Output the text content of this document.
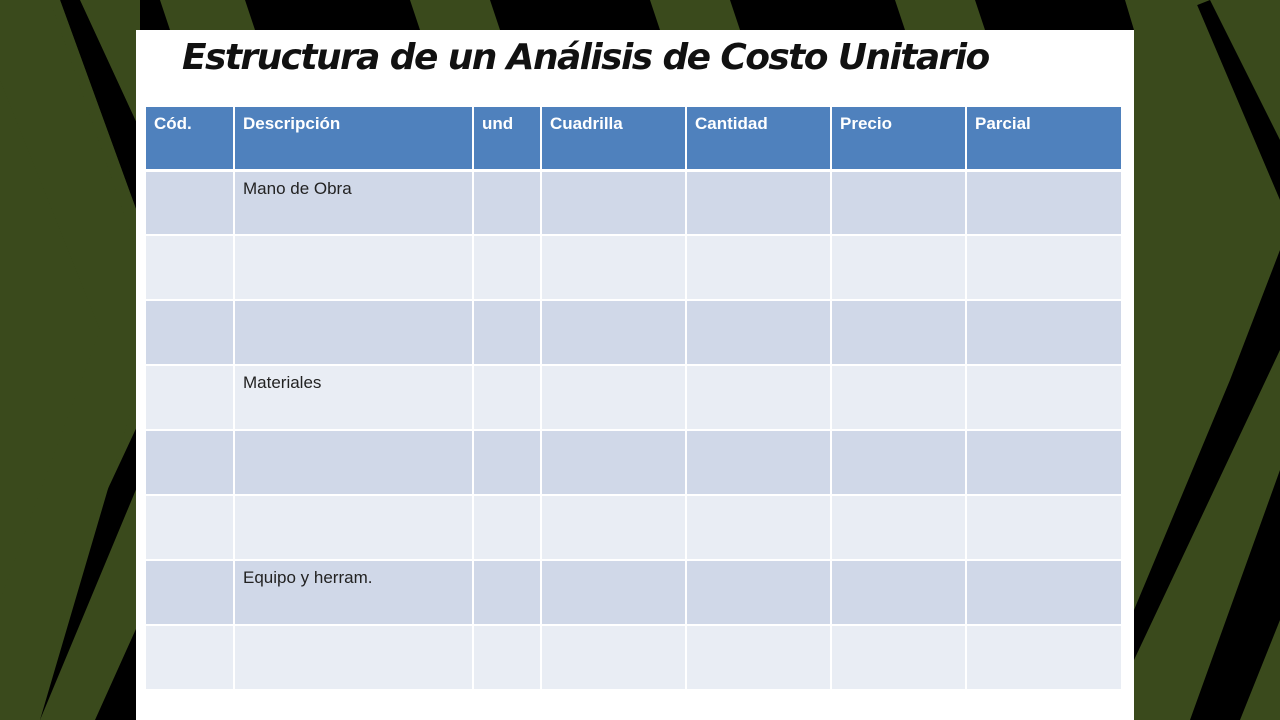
Estructura de un Análisis de Costo Unitario
Cód.	Descripción	und	Cuadrilla	Cantidad	Precio	Parcial
	Mano de Obra					

	Materiales					

	Equipo y herram.					
